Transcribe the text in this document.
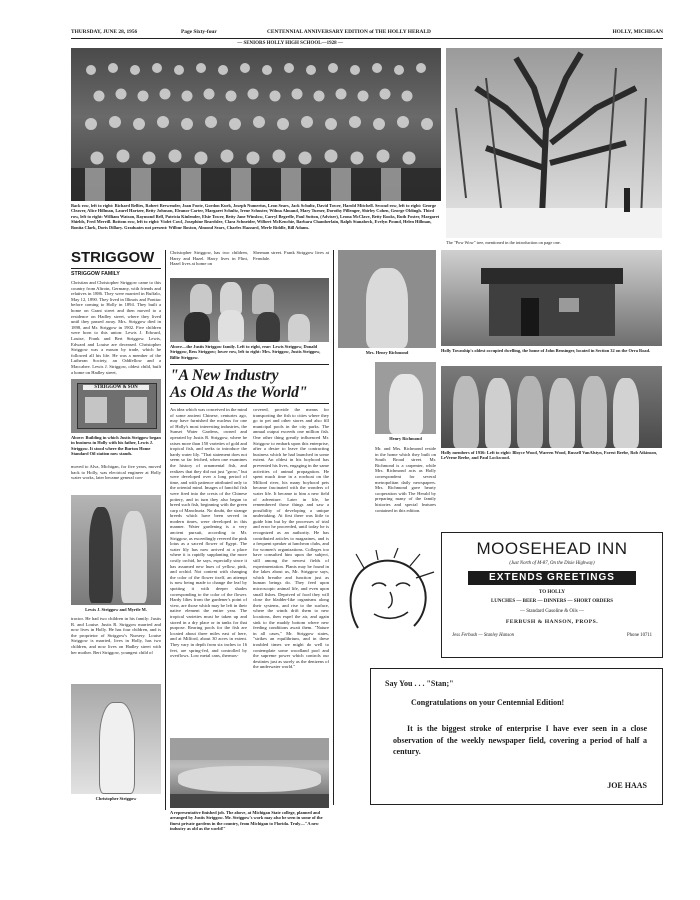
THURSDAY, JUNE 28, 1956	Page Sixty-four	CENTENNIAL ANNIVERSARY EDITION of THE HOLLY HERALD	HOLLY, MICHIGAN
— SENIORS HOLLY HIGH SCHOOL—1928 —
Back row, left to right: Richard Bellies, Robert Brewender, Joan Foote, Gordon Kurk, Joseph Numerius, Leon Sears, Jack Schultz, David Tower, Harold Mitchell. Second row, left to right: George Cleaver, Alice Hillman, Laurel Hartzer, Betty Johnson, Eleanor Carter, Margaret Schultz, Irene Schuster, Wilma Almand, Mary Turner, Dorothy Pillenger, Shirley Cohen, George Oldingh. Third row, left to right: William Watson, Raymond Bell, Patricia Kinlender, Elsie Tower, Betty Jane Winslow, Carryl Begrelle, Paul Sutton, (Adviser), Leona McClave, Betty Rooks, Ruth Foster, Margaret Shields, Fred Merrill. Bottom row, left to right: Violet Cowl, Josephine Beardslee, Clara Schneider, Wilbert McKenchie, Barbara Chamberlain, Ralph Stanabeck, Evelyn Pound, Helen Hillman, Bonita Clark, Doris Dillary. Graduates not present: Wilbur Boston, Almond Sears, Charles Hazzard, Merle Riddle, Bill Adams.
The "Pow Wow" tree, mentioned in the introduction on page one.
STRIGGOW
STRIGGOW FAMILY
Christian and Christopher Striggow came to this country from Altroin, Germany, with friends and relatives in 1886. They were married in Buffalo, May 12, 1890. They lived in Illinois and Pontiac before coming to Holly in 1894. They built a home on Grant street and then moved to a residence on Hadley street, where they lived until they passed away. Mrs. Striggow died in 1898, and Mr. Striggow in 1902. Five children were born to this union: Lewis J. Edward, Louise, Frank and Bert Striggow. Lewis, Edward and Louise are deceased. Christopher Striggow was a mason by trade, which he followed all his life. He was a member of the Lutheran Society, an Oddfellow and a Maccabee. Lewis J. Striggow, oldest child, built a home on Hadley street,
STRIGGOW & SON
Above: Building in which Justis Striggow began in business in Holly with his father, Lewis J. Striggow. It stood where the Burton Home Standard Oil station now stands.
moved to Alva, Michigan, for five years, moved back to Holly, was electrical engineer at Holly water works, later became general con-
Lewis J. Striggow and Myrtle M.
tractor. He had two children in his family: Justis R. and Louise. Justis R. Striggow married and now lives in Holly. He has four children, and is the proprietor of Striggow's Nursery. Louise Striggow is married, lives in Holly, has two children, and now lives on Hadley street with her mother. Bert Striggow, youngest child of
Christopher Striggow
Christopher Striggow, has two children, Harry and Hazel. Harry lives in Flint, Hazel lives at home on
Sherman street. Frank Striggow lives at Ferndale.
Above—the Justis Striggow family. Left to right, rear: Lewis Striggow, Donald Striggow, Bess Striggow; lower row, left to right: Mrs. Striggow, Justis Striggow, Billie Striggow.
"A New Industry
As Old As the World"
An idea which was conceived in the mind of some ancient Chinese, centuries ago, may have furnished the nucleus for one of Holly's most interesting industries, the Sunset Water Gardens, owned and operated by Justis R. Striggow, where he raises more than 150 varieties of gold and tropical fish, and seeks to introduce the hardy water lily. "That statement does not seem so far fetched, when one examines the history of ornamental fish, and realizes that they did not just "grow," but were developed over a long period of time, and with patience attributed only to the oriental mind. Images of fanciful fish were fired into the crests of the Chinese pottery, and in turn they also began to breed such fish, beginning with the green carp of Manchuria. No doubt, the strange breeds which have been served in modern times, were developed in this manner. Water gardening is a very ancient pursuit, according to Mr. Striggow, as exceedingly revered the pink lotus as a sacred flower of Egypt. The water lily has now arrived at a place where it is rapidly supplanting the more costly orchid, he says, especially since it has assumed new hues of yellow, pink, and orchid. Not content with changing the color of the flower itself, an attempt is now being made to change the leaf by spotting it with deeper shades corresponding to the color of the flower. Hardy lilies from the gardener's point of view, are those which may be left in their native element the entire year. The tropical varieties must be taken up and stored in a dry place or in tanks for that purpose. Rearing pools for the fish are located about three miles east of here, and at Milford, about 30 acres in extent. They vary in depth from six inches to 16 feet, are spring-fed, and controlled by overflows. Low metal cans, thermos-
covered, provide the means for transporting the fish to cities where they go to pet and other stores and also fill municipal pools in the city parks. The annual output exceeds one million fish. One other thing greatly influenced Mr. Striggow to embark upon this enterprise, after a desire to leave the contracting business which he had launched in some extent. An oldest in his boyhood has prevented his lives, engaging in the same activities of animal propagation. He spent much time in a rowboat on the Milford river, his many boyhood pets became fascinated with the wonders of water life. It became to him a new field of adventure. Later in life, he remembered those things and saw a possibility of developing a unique undertaking. At first there was little to guide him but by the processes of trial and error he proceeded, until today he is recognized as an authority. He has contributed articles to magazines, and is a frequent speaker at luncheon clubs, and for women's organizations. Colleges too have consulted him upon the subject, still among the newest fields of experimentation. Plants may be found in the lakes about us, Mr. Striggow says, which breathe and function just as human beings do. They feed upon microscopic animal life, and even upon small fishes. Deprived of food they will close the bladder-like organisms along their systems, and rise to the surface, where the winds drift them to new locations, then expel the air, and again sink to the muddy bottom where new feeding conditions await them. "Nature in all cases," Mr. Striggow states, "strikes an equilibrium, and in these troubled times we might do well to contemplate some woodland pool and the supreme power which controls our destinies just as surely as the denizens of the underwater world."
A representative finished job. The above, at Michigan State college, planned and arranged by Justis Striggow. Mr. Striggow's work may also be seen in some of the finest private gardens in the country, from Michigan to Florida. Truly—"A new industry as old as the world!"
Mrs. Henry Richmond
Henry Richmond
Mr. and Mrs. Richmond reside in the home which they built on South Broad street. Mr. Richmond is a carpenter, while Mrs. Richmond acts as Holly correspondent for several metropolitan daily newspapers. Mrs. Richmond gave hearty cooperation with The Herald by preparing many of the family histories and special features contained in this edition.
Holly Township's oldest occupied dwelling, the home of John Bensinger, located in Section 32 on the Orra Road.
Holly members of 1936: Left to right: Bloyce Wood, Warren Wood, Russell VanAlstyn, Forest Beebe, Rob Atkinson, LeVerne Beebe, and Paul Lockwood.
MOOSEHEAD INN
(Just North of M-87, On the Dixie Highway)
EXTENDS GREETINGS
TO HOLLY
LUNCHES — BEER — DINNERS — SHORT ORDERS
— Standard Gasoline & Oils —
FERBUSH & HANSON, PROPS.
Jess Ferbush — Stanley Hanson	Phone 10711
Say You . . . "Stan;"
Congratulations on your Centennial Edition!
It is the biggest stroke of enterprise I have ever seen in a close observation of the weekly newspaper field, covering a period of half a century.
JOE HAAS
